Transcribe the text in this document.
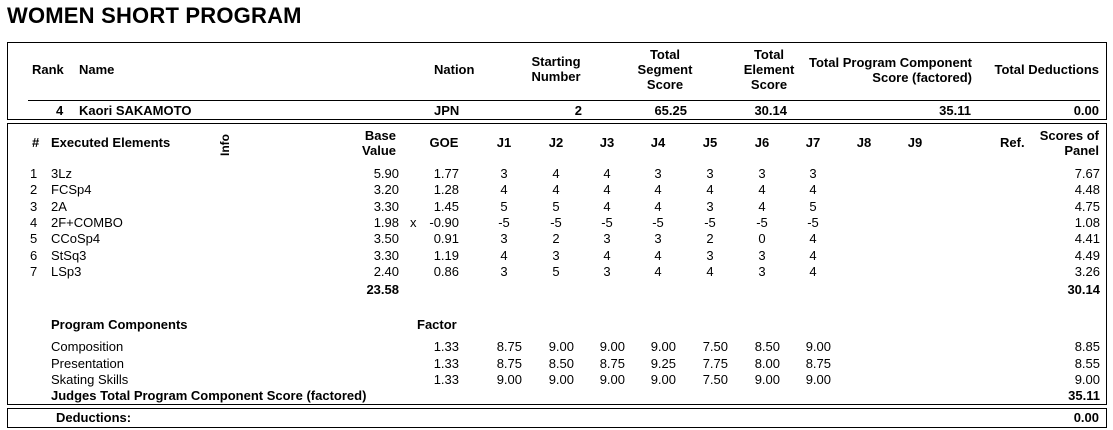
WOMEN SHORT PROGRAM
Rank Name	Nation
Starting
Number
Total
Segment
Score
Total
Element
Score
Total Program Component
Score (factored)
Total Deductions
4 Kaori SAKAMOTO	JPN	2	65.25	30.14	35.11	0.00
# Executed Elements	Info	Base
Value
GOE	J1	J2	J3	J4	J5	J6	J7	J8	J9	Ref.	Scores of
Panel
1 3Lz	5.90	1.77	3	4	4	3	3	3	3	7.67
2 FCSp4	3.20	1.28	4	4	4	4	4	4	4	4.48
3 2A	3.30	1.45	5	5	4	4	3	4	5	4.75
4 2F+COMBO	1.98 x -0.90	-5	-5	-5	-5	-5	-5	-5	1.08
5 CCoSp4	3.50	0.91	3	2	3	3	2	0	4	4.41
6 StSq3	3.30	1.19	4	3	4	4	3	3	4	4.49
7 LSp3	2.40	0.86	3	5	3	4	4	3	4	3.26
23.58	30.14
Program Components	Factor
Composition	1.33	8.75	9.00	9.00	9.00	7.50	8.50	9.00	8.85
Presentation	1.33	8.75	8.50	8.75	9.25	7.75	8.00	8.75	8.55
Skating Skills	1.33	9.00	9.00	9.00	9.00	7.50	9.00	9.00	9.00
Judges Total Program Component Score (factored)	35.11
Deductions:	0.00
